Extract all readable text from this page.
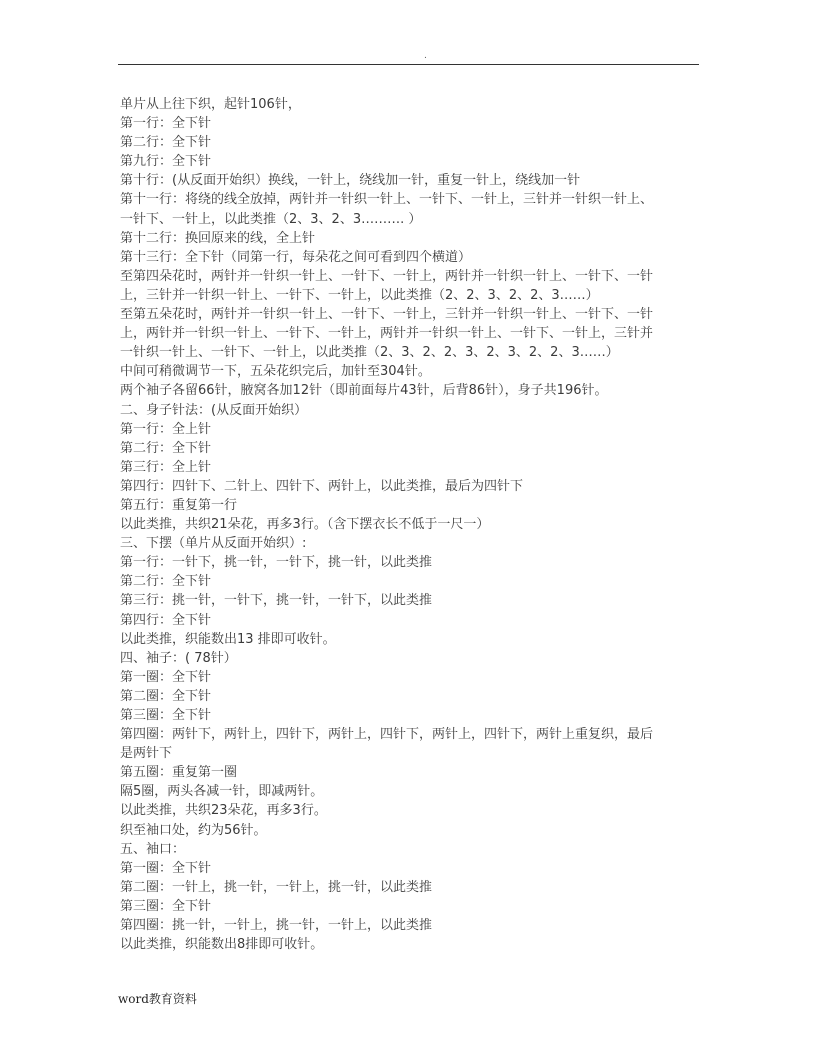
.
单片从上往下织，起针106针，
第一行：全下针
第二行：全下针
第九行：全下针
第十行：(从反面开始织）换线，一针上，绕线加一针，重复一针上，绕线加一针
第十一行：将绕的线全放掉，两针并一针织一针上、一针下、一针上，三针并一针织一针上、
一针下、一针上，以此类推（2、3、2、3………. ）
第十二行：换回原来的线，全上针
第十三行：全下针（同第一行，每朵花之间可看到四个横道）
至第四朵花时，两针并一针织一针上、一针下、一针上，两针并一针织一针上、一针下、一针
上，三针并一针织一针上、一针下、一针上，以此类推（2、2、3、2、2、3……）
至第五朵花时，两针并一针织一针上、一针下、一针上，三针并一针织一针上、一针下、一针
上，两针并一针织一针上、一针下、一针上，两针并一针织一针上、一针下、一针上，三针并
一针织一针上、一针下、一针上，以此类推（2、3、2、2、3、2、3、2、2、3……）
中间可稍微调节一下，五朵花织完后，加针至304针。
两个袖子各留66针，腋窝各加12针（即前面每片43针，后背86针），身子共196针。
二、身子针法：(从反面开始织）
第一行：全上针
第二行：全下针
第三行：全上针
第四行：四针下、二针上、四针下、两针上，以此类推，最后为四针下
第五行：重复第一行
以此类推，共织21朵花，再多3行。（含下摆衣长不低于一尺一）
三、下摆（单片从反面开始织）:
第一行：一针下，挑一针，一针下，挑一针，以此类推
第二行：全下针
第三行：挑一针，一针下，挑一针，一针下，以此类推
第四行：全下针
以此类推，织能数出13 排即可收针。
四、袖子：( 78针）
第一圈：全下针
第二圈：全下针
第三圈：全下针
第四圈：两针下，两针上，四针下，两针上，四针下，两针上，四针下，两针上重复织，最后
是两针下
第五圈：重复第一圈
隔5圈，两头各减一针，即减两针。
以此类推，共织23朵花，再多3行。
织至袖口处，约为56针。
五、袖口：
第一圈：全下针
第二圈：一针上，挑一针，一针上，挑一针，以此类推
第三圈：全下针
第四圈：挑一针，一针上，挑一针，一针上，以此类推
以此类推，织能数出8排即可收针。
word教育资料
